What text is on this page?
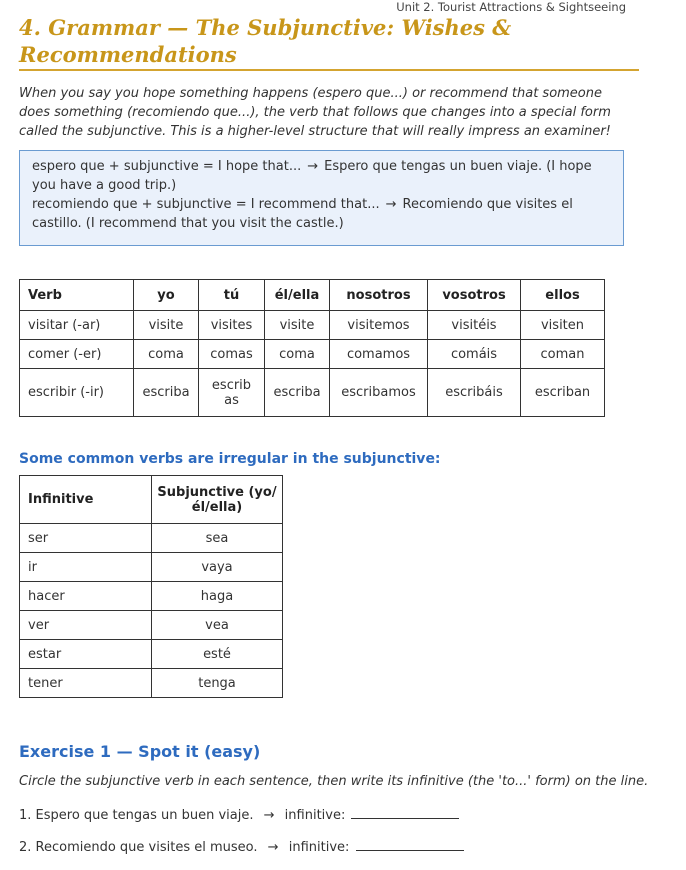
Unit 2. Tourist Attractions & Sightseeing
4. Grammar — The Subjunctive: Wishes & Recommendations

When you say you hope something happens (espero que...) or recommend that someone does something (recomiendo que...), the verb that follows que changes into a special form called the subjunctive. This is a higher-level structure that will really impress an examiner!

espero que + subjunctive = I hope that... → Espero que tengas un buen viaje. (I hope you have a good trip.)

recomiendo que + subjunctive = I recommend that... → Recomiendo que visites el castillo. (I recommend that you visit the castle.)

Verb	yo	tú	él/ella	nosotros	vosotros	ellos
visitar (-ar)	visite	visites	visite	visitemos	visitéis	visiten
comer (-er)	coma	comas	coma	comamos	comáis	coman
escribir (-ir)	escriba	escribas	escriba	escribamos	escribáis	escriban

Some common verbs are irregular in the subjunctive:

Infinitive	Subjunctive (yo/él/ella)
ser	sea
ir	vaya
hacer	haga
ver	vea
estar	esté
tener	tenga
Exercise 1 — Spot it (easy)

Circle the subjunctive verb in each sentence, then write its infinitive (the 'to...' form) on the line.

1. Espero que tengas un buen viaje. → infinitive:

2. Recomiendo que visites el museo. → infinitive:
